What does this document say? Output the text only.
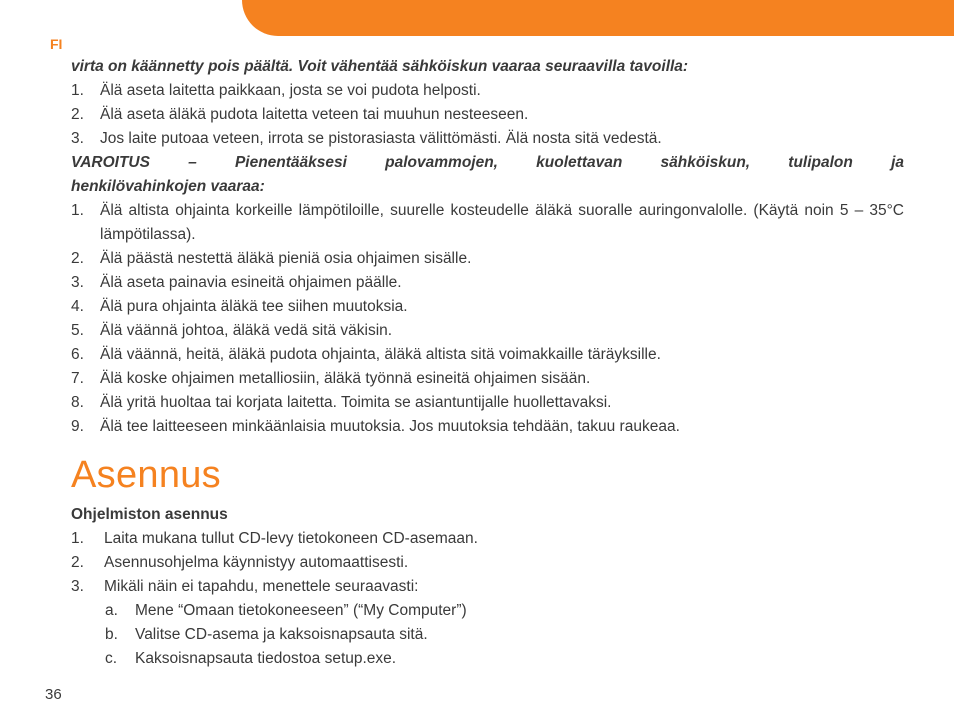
FI
virta on käännetty pois päältä. Voit vähentää sähköiskun vaaraa seuraavilla tavoilla:
1. Älä aseta laitetta paikkaan, josta se voi pudota helposti.
2. Älä aseta äläkä pudota laitetta veteen tai muuhun nesteeseen.
3. Jos laite putoaa veteen, irrota se pistorasiasta välittömästi. Älä nosta sitä vedestä.
VAROITUS – Pienentääksesi palovammojen, kuolettavan sähköiskun, tulipalon ja
henkilövahinkojen vaaraa:
1. Älä altista ohjainta korkeille lämpötiloille, suurelle kosteudelle äläkä suoralle auringonvalolle. (Käytä noin 5 – 35°C lämpötilassa).
2. Älä päästä nestettä äläkä pieniä osia ohjaimen sisälle.
3. Älä aseta painavia esineitä ohjaimen päälle.
4. Älä pura ohjainta äläkä tee siihen muutoksia.
5. Älä väännä johtoa, äläkä vedä sitä väkisin.
6. Älä väännä, heitä, äläkä pudota ohjainta, äläkä altista sitä voimakkaille täräyksille.
7. Älä koske ohjaimen metalliosiin, äläkä työnnä esineitä ohjaimen sisään.
8. Älä yritä huoltaa tai korjata laitetta. Toimita se asiantuntijalle huollettavaksi.
9. Älä tee laitteeseen minkäänlaisia muutoksia. Jos muutoksia tehdään, takuu raukeaa.
Asennus
Ohjelmiston asennus
1. Laita mukana tullut CD-levy tietokoneen CD-asemaan.
2. Asennusohjelma käynnistyy automaattisesti.
3. Mikäli näin ei tapahdu, menettele seuraavasti:
a. Mene “Omaan tietokoneeseen” (“My Computer”)
b. Valitse CD-asema ja kaksoisnapsauta sitä.
c. Kaksoisnapsauta tiedostoa setup.exe.
36
